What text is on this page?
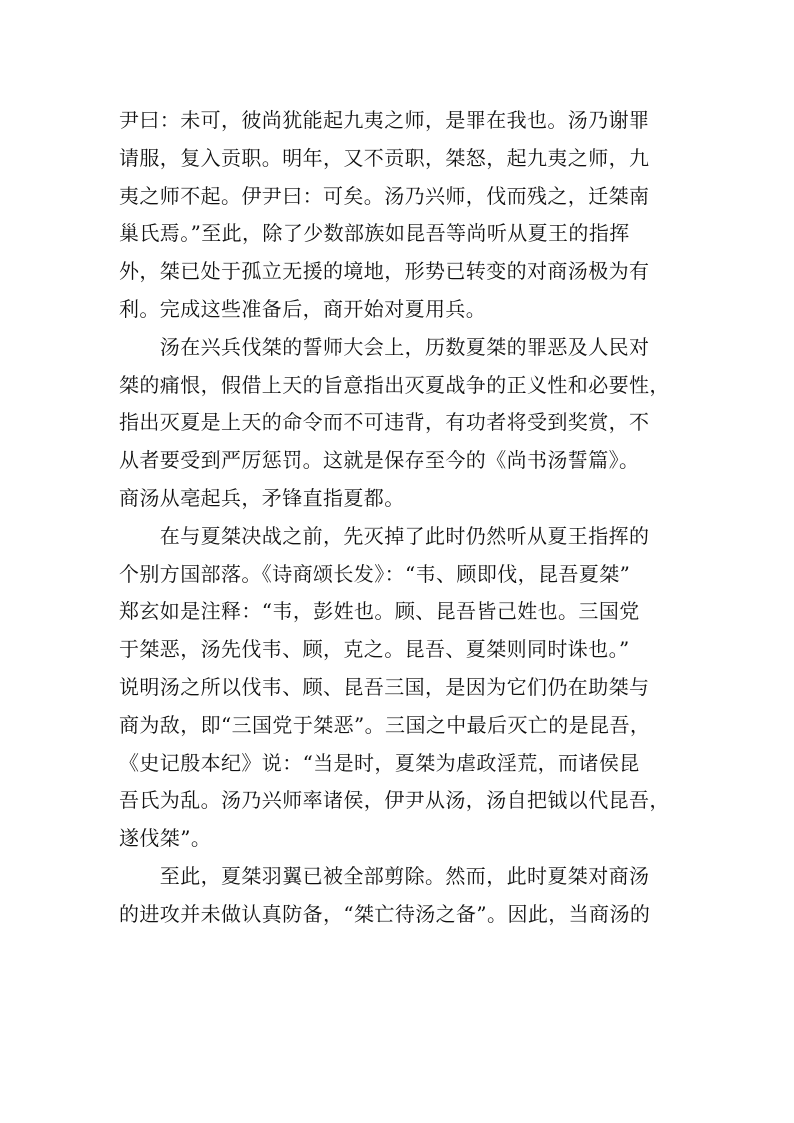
尹曰：未可，彼尚犹能起九夷之师，是罪在我也。汤乃谢罪
请服，复入贡职。明年，又不贡职，桀怒，起九夷之师，九
夷之师不起。伊尹曰：可矣。汤乃兴师，伐而残之，迁桀南
巢氏焉。”至此，除了少数部族如昆吾等尚听从夏王的指挥
外，桀已处于孤立无援的境地，形势已转变的对商汤极为有
利。完成这些准备后，商开始对夏用兵。
　　汤在兴兵伐桀的誓师大会上，历数夏桀的罪恶及人民对
桀的痛恨，假借上天的旨意指出灭夏战争的正义性和必要性，
指出灭夏是上天的命令而不可违背，有功者将受到奖赏，不
从者要受到严厉惩罚。这就是保存至今的《尚书汤誓篇》。
商汤从亳起兵，矛锋直指夏都。
　　在与夏桀决战之前，先灭掉了此时仍然听从夏王指挥的
个别方国部落。《诗商颂长发》：“韦、顾即伐，昆吾夏桀”
郑玄如是注释：“韦，彭姓也。顾、昆吾皆己姓也。三国党
于桀恶，汤先伐韦、顾，克之。昆吾、夏桀则同时诛也。”
说明汤之所以伐韦、顾、昆吾三国，是因为它们仍在助桀与
商为敌，即“三国党于桀恶”。三国之中最后灭亡的是昆吾，
《史记殷本纪》说：“当是时，夏桀为虐政淫荒，而诸侯昆
吾氏为乱。汤乃兴师率诸侯，伊尹从汤，汤自把钺以代昆吾，
遂伐桀”。
　　至此，夏桀羽翼已被全部剪除。然而，此时夏桀对商汤
的进攻并未做认真防备，“桀亡待汤之备”。因此，当商汤的
